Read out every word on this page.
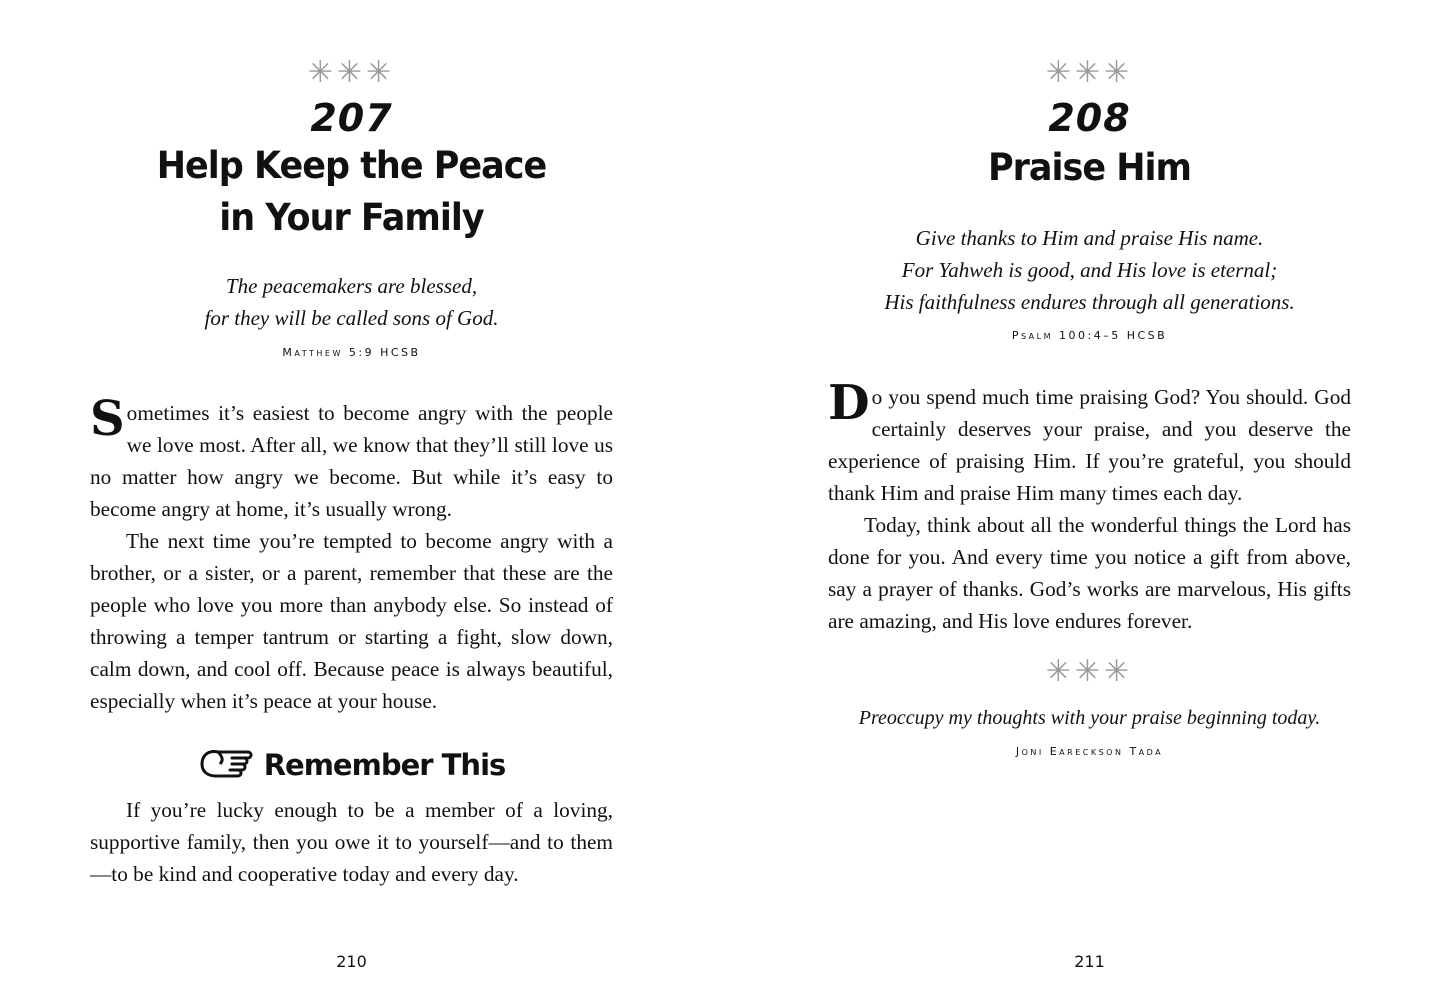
✳✳✳
207
Help Keep the Peace
in Your Family
The peacemakers are blessed,
for they will be called sons of God.
Matthew 5:9 HCSB

Sometimes it’s easiest to become angry with the people we love most. After all, we know that they’ll still love us no matter how angry we become. But while it’s easy to become angry at home, it’s usually wrong.

The next time you’re tempted to become angry with a brother, or a sister, or a parent, remember that these are the people who love you more than anybody else. So instead of throwing a temper tantrum or starting a fight, slow down, calm down, and cool off. Because peace is always beautiful, especially when it’s peace at your house.

Remember This

If you’re lucky enough to be a member of a loving, supportive family, then you owe it to yourself—and to them—to be kind and cooperative today and every day.

210
✳✳✳
208
Praise Him
Give thanks to Him and praise His name.
For Yahweh is good, and His love is eternal;
His faithfulness endures through all generations.
Psalm 100:4–5 HCSB

Do you spend much time praising God? You should. God certainly deserves your praise, and you deserve the experience of praising Him. If you’re grateful, you should thank Him and praise Him many times each day.

Today, think about all the wonderful things the Lord has done for you. And every time you notice a gift from above, say a prayer of thanks. God’s works are marvelous, His gifts are amazing, and His love endures forever.

✳✳✳
Preoccupy my thoughts with your praise beginning today.
Joni Eareckson Tada
211
